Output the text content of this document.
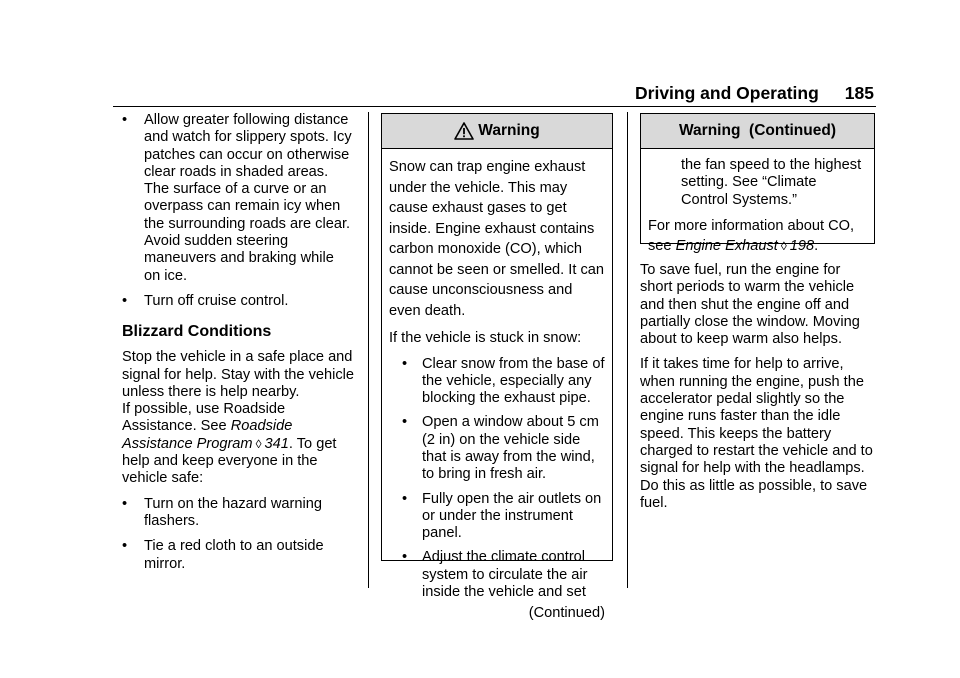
Driving and Operating 185
• Allow greater following distance and watch for slippery spots. Icy patches can occur on otherwise clear roads in shaded areas. The surface of a curve or an overpass can remain icy when the surrounding roads are clear. Avoid sudden steering maneuvers and braking while on ice.
• Turn off cruise control.
Blizzard Conditions

Stop the vehicle in a safe place and signal for help. Stay with the vehicle unless there is help nearby.
If possible, use Roadside Assistance. See Roadside Assistance Program ◊ 341. To get help and keep everyone in the vehicle safe:

• Turn on the hazard warning flashers.
• Tie a red cloth to an outside mirror.
Warning

Snow can trap engine exhaust under the vehicle. This may cause exhaust gases to get inside. Engine exhaust contains carbon monoxide (CO), which cannot be seen or smelled. It can cause unconsciousness and even death.

If the vehicle is stuck in snow:

• Clear snow from the base of the vehicle, especially any blocking the exhaust pipe.
• Open a window about 5 cm (2 in) on the vehicle side that is away from the wind, to bring in fresh air.
• Fully open the air outlets on or under the instrument panel.
• Adjust the climate control system to circulate the air inside the vehicle and set
(Continued)
Warning  (Continued)
the fan speed to the highest setting. See “Climate Control Systems.”

For more information about CO, see Engine Exhaust ◊ 198.

To save fuel, run the engine for short periods to warm the vehicle and then shut the engine off and partially close the window. Moving about to keep warm also helps.

If it takes time for help to arrive, when running the engine, push the accelerator pedal slightly so the engine runs faster than the idle speed. This keeps the battery charged to restart the vehicle and to signal for help with the headlamps. Do this as little as possible, to save fuel.
